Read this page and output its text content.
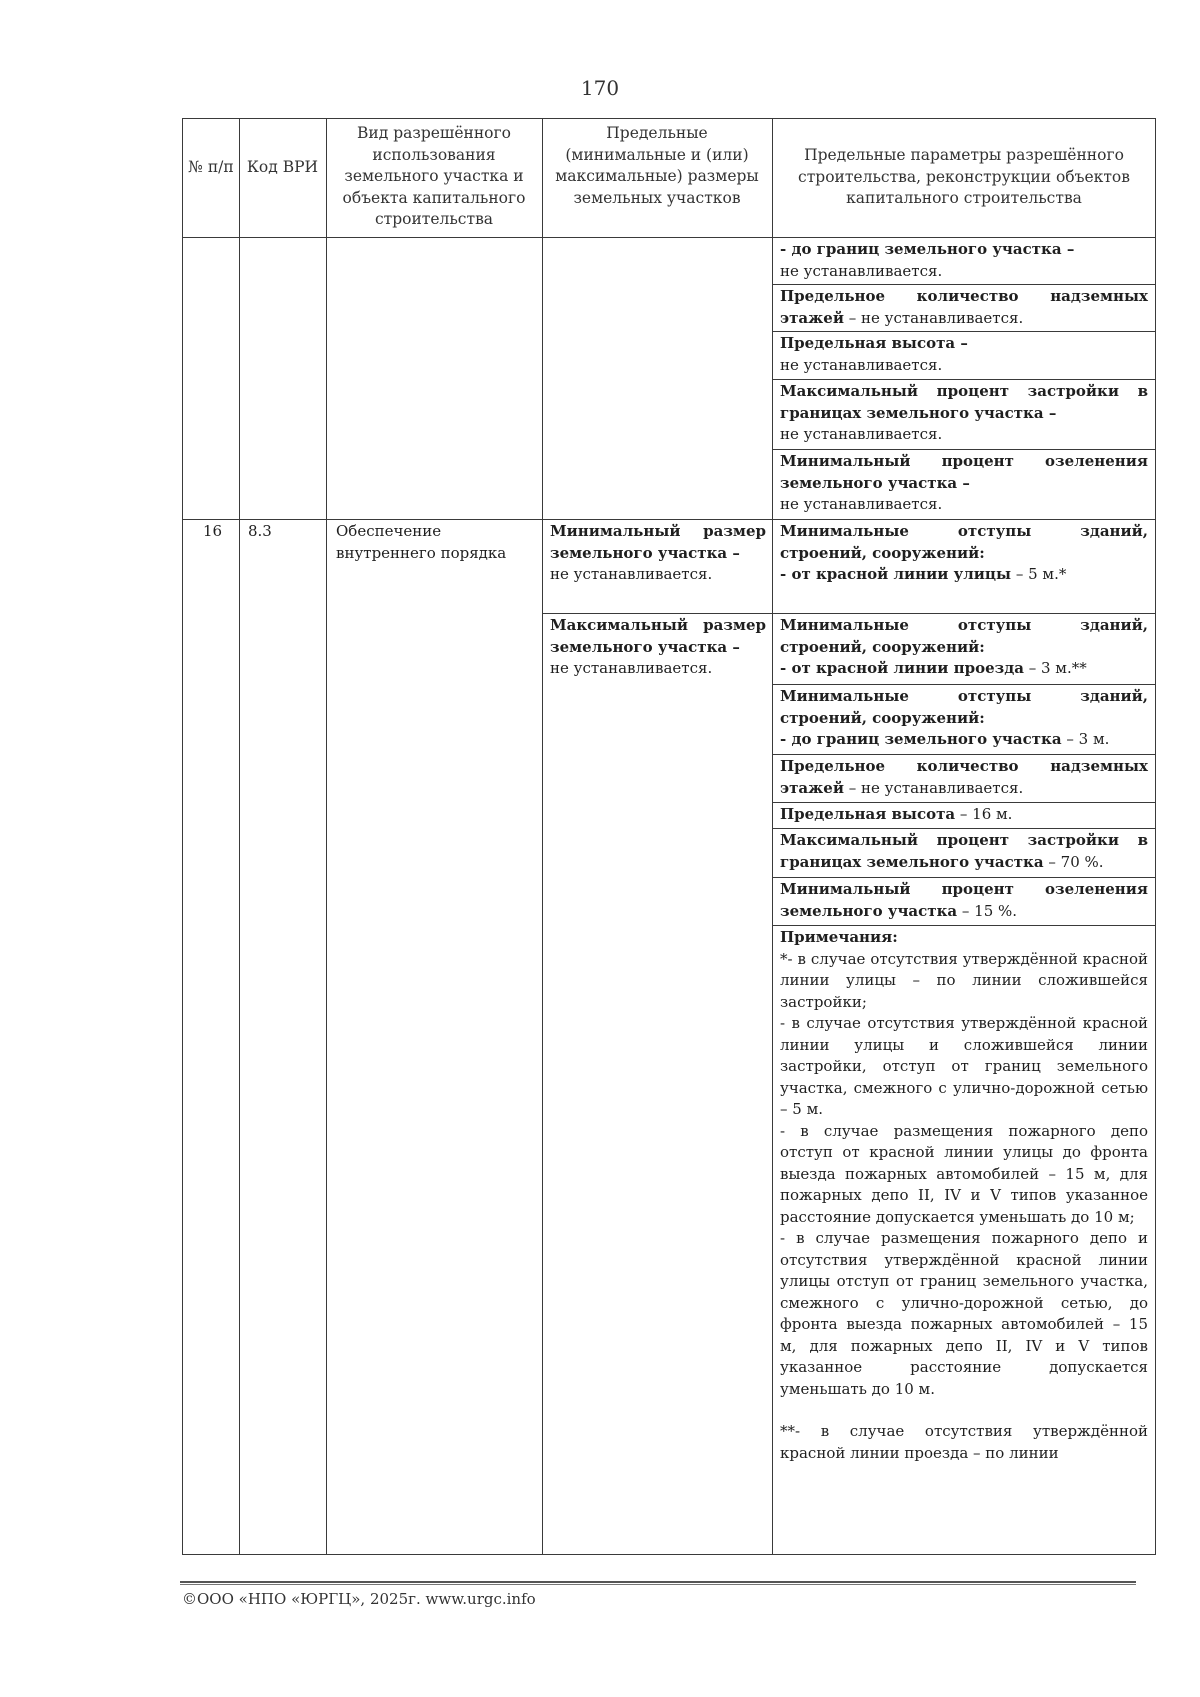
170
№ п/п Код ВРИ
Вид разрешённого использования земельного участка и объекта капитального строительства
Предельные (минимальные и (или) максимальные) размеры земельных участков
Предельные параметры разрешённого строительства, реконструкции объектов капитального строительства
- до границ земельного участка –
не устанавливается.
Предельное количество надземных этажей – не устанавливается.
Предельная высота –
не устанавливается.
Максимальный процент застройки в границах земельного участка –
не устанавливается.
Минимальный процент озеленения земельного участка –
не устанавливается.
16	8.3	Обеспечение внутреннего порядка
Минимальный размер земельного участка –
не устанавливается.
Максимальный размер земельного участка –
не устанавливается.
Минимальные отступы зданий, строений, сооружений:
- от красной линии улицы – 5 м.*
Минимальные отступы зданий, строений, сооружений:
- от красной линии проезда – 3 м.**
Минимальные отступы зданий, строений, сооружений:
- до границ земельного участка – 3 м.
Предельное количество надземных этажей – не устанавливается.
Предельная высота – 16 м.
Максимальный процент застройки в границах земельного участка – 70 %.
Минимальный процент озеленения земельного участка – 15 %.
Примечания:
*- в случае отсутствия утверждённой красной линии улицы – по линии сложившейся застройки;
- в случае отсутствия утверждённой красной линии улицы и сложившейся линии застройки, отступ от границ земельного участка, смежного с улично-дорожной сетью – 5 м.
- в случае размещения пожарного депо отступ от красной линии улицы до фронта выезда пожарных автомобилей – 15 м, для пожарных депо II, IV и V типов указанное расстояние допускается уменьшать до 10 м;
- в случае размещения пожарного депо и отсутствия утверждённой красной линии улицы отступ от границ земельного участка, смежного с улично-дорожной сетью, до фронта выезда пожарных автомобилей – 15 м, для пожарных депо II, IV и V типов указанное расстояние допускается уменьшать до 10 м.
**- в случае отсутствия утверждённой красной линии проезда – по линии
©ООО «НПО «ЮРГЦ», 2025г. www.urgc.info
